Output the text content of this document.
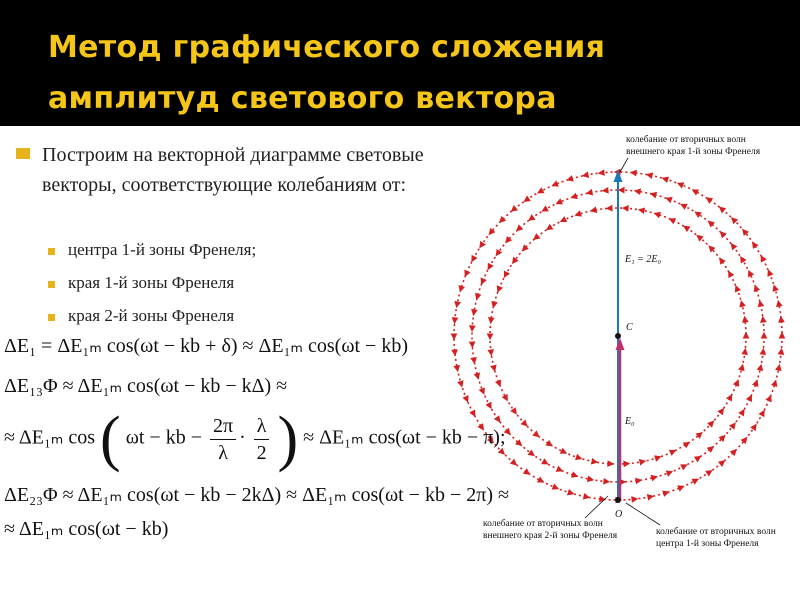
Метод графического сложения
амплитуд светового вектора
Построим на векторной диаграмме световые векторы, соответствующие колебаниям от:
центра 1-й зоны Френеля;
края 1-й зоны Френеля
края 2-й зоны Френеля
колебание от вторичных волн
внешнего края 1-й зоны Френеля
E₁ = 2E₀
C
E₀
O
колебание от вторичных волн
внешнего края 2-й зоны Френеля	колебание от вторичных волн
центра 1-й зоны Френеля
ΔE₁ = ΔE₁ₘ cos(ωt − kb + δ) ≈ ΔE₁ₘ cos(ωt − kb)
ΔE₁₃Φ ≈ ΔE₁ₘ cos(ωt − kb − kΔ) ≈
≈ ΔE₁ₘ cos ( ωt − kb − $\frac{2\pi}{\lambda} \cdot \frac{\lambda}{2}$ ) ≈ ΔE₁ₘ cos(ωt − kb − π);
ΔE₂₃Φ ≈ ΔE₁ₘ cos(ωt − kb − 2kΔ) ≈ ΔE₁ₘ cos(ωt − kb − 2π) ≈
≈ ΔE₁ₘ cos(ωt − kb)
